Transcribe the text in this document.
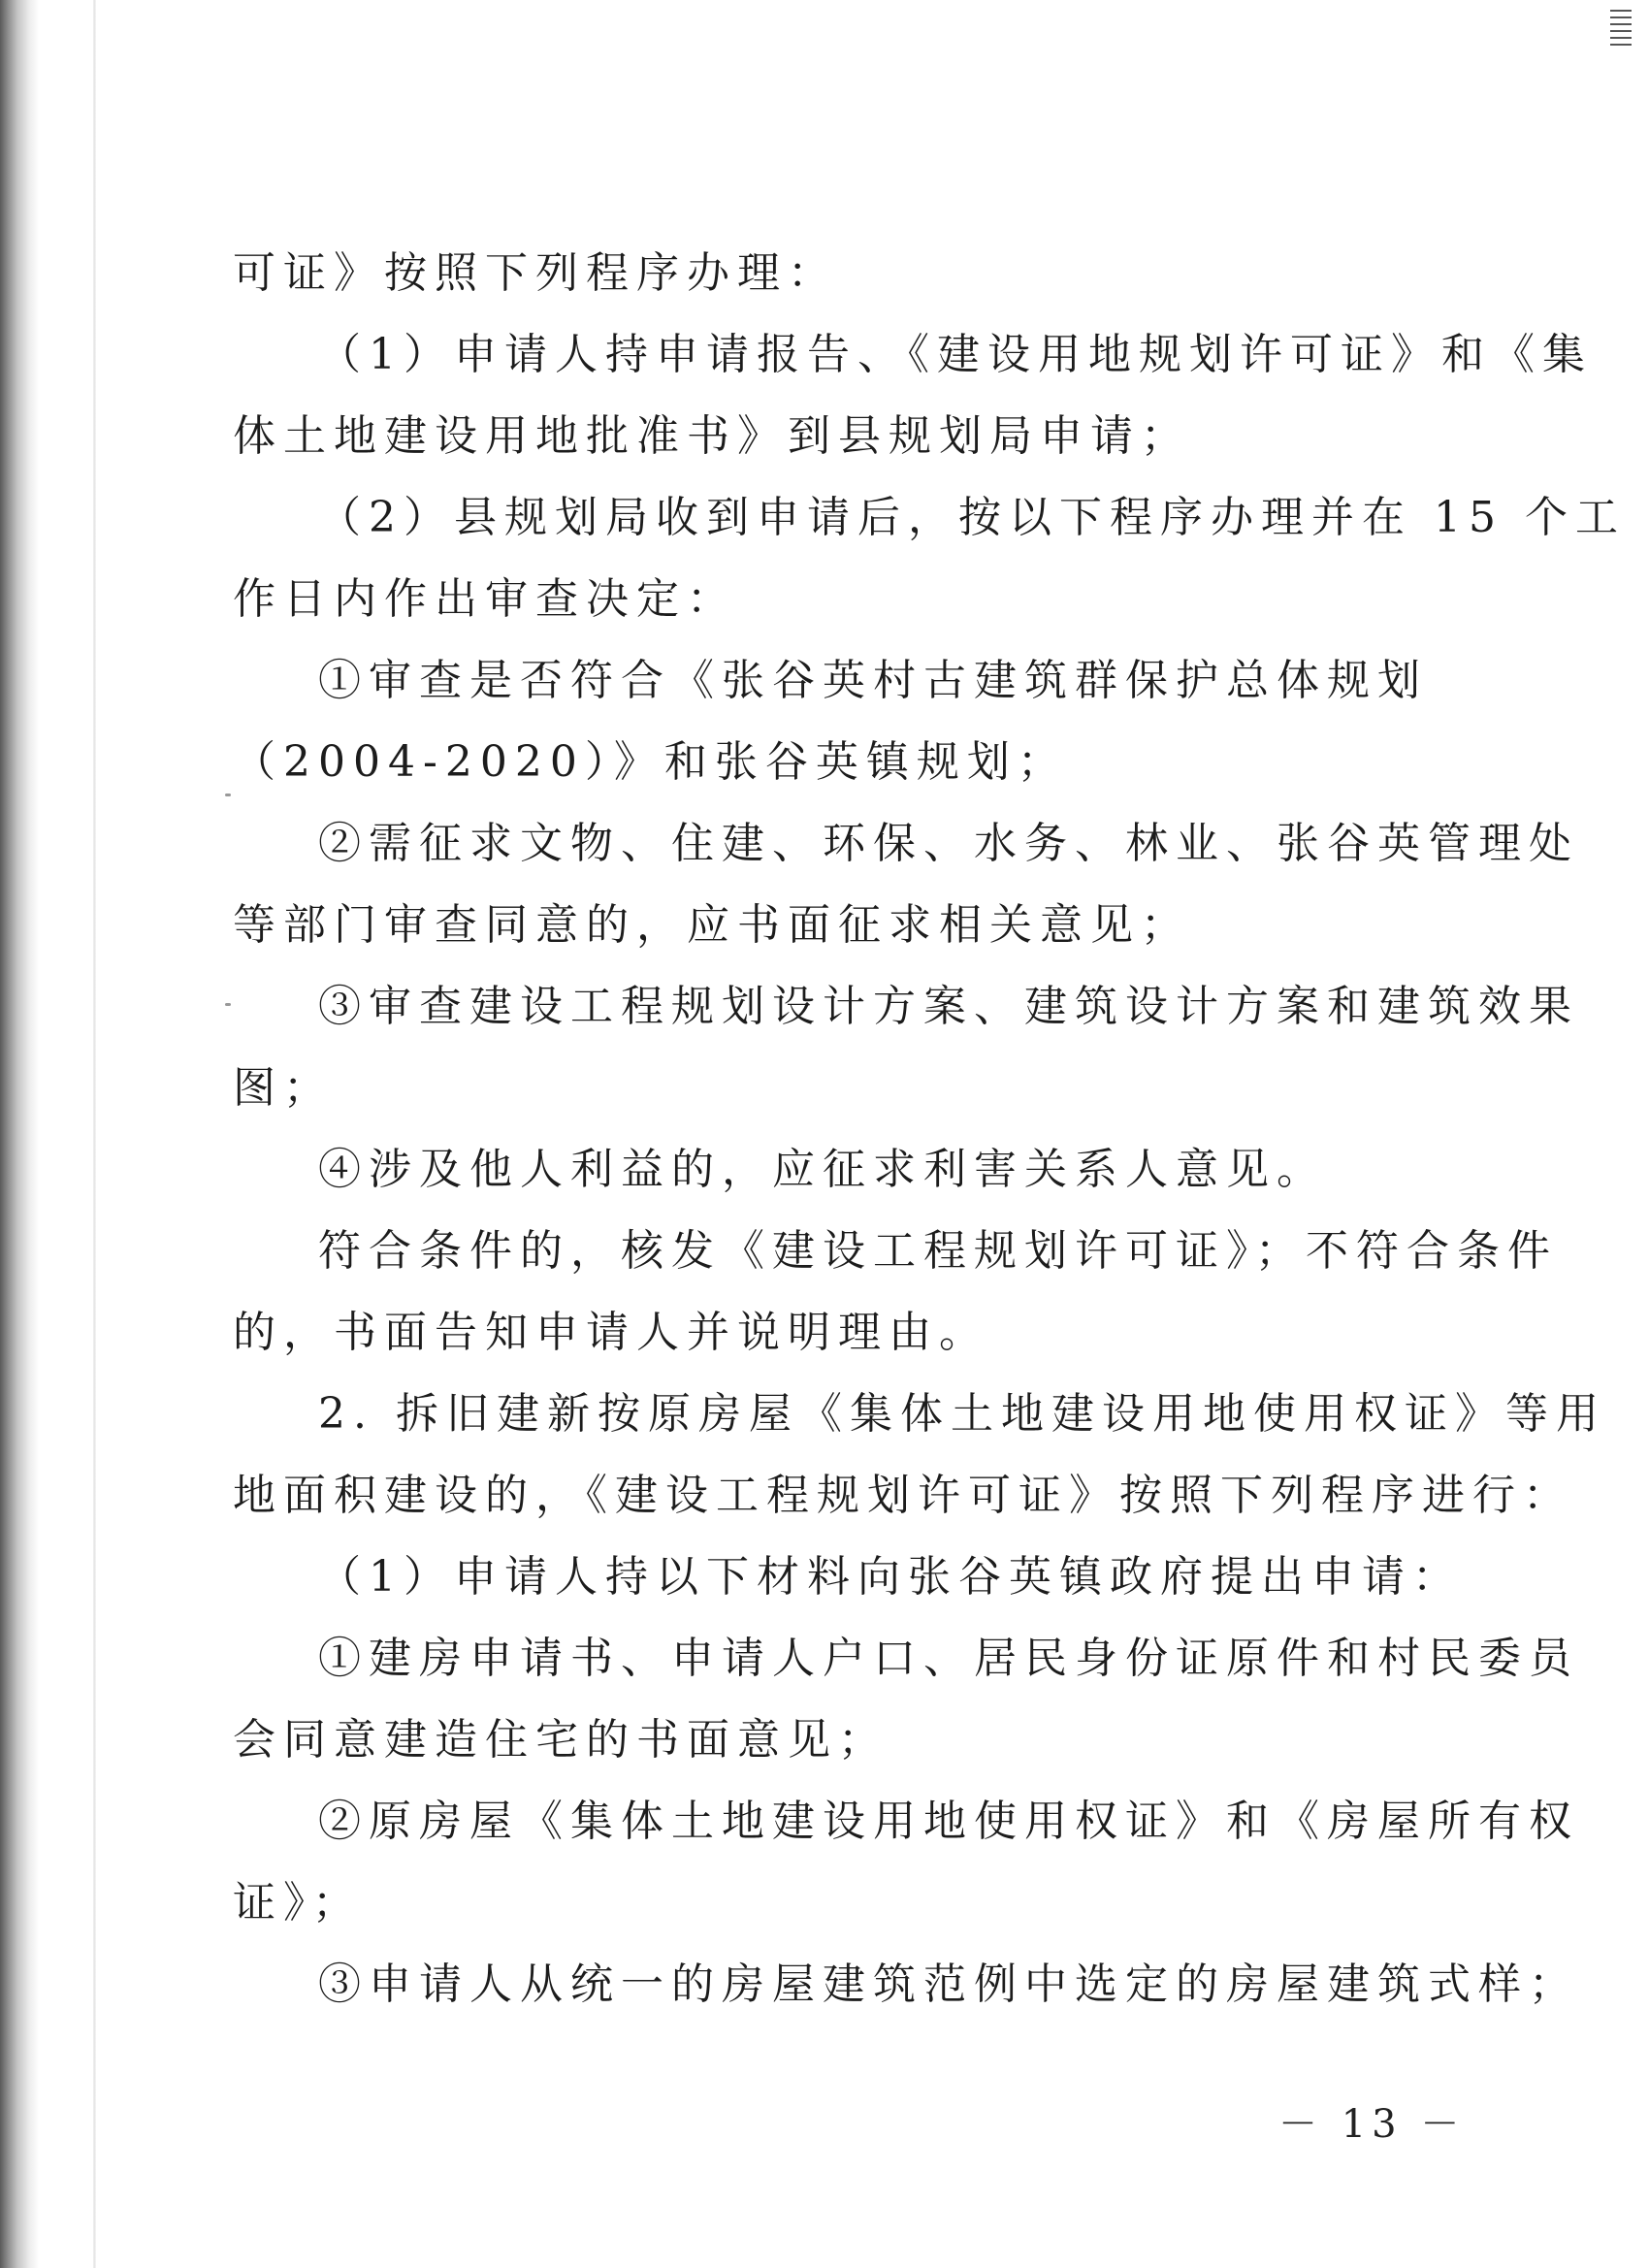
可证》按照下列程序办理：
（1）申请人持申请报告、《建设用地规划许可证》和《集
体土地建设用地批准书》到县规划局申请；
（2）县规划局收到申请后，按以下程序办理并在 15 个工
作日内作出审查决定：
①审查是否符合《张谷英村古建筑群保护总体规划
（2004-2020）》和张谷英镇规划；
②需征求文物、住建、环保、水务、林业、张谷英管理处
等部门审查同意的，应书面征求相关意见；
③审查建设工程规划设计方案、建筑设计方案和建筑效果
图；
④涉及他人利益的，应征求利害关系人意见。
符合条件的，核发《建设工程规划许可证》；不符合条件
的，书面告知申请人并说明理由。
2. 拆旧建新按原房屋《集体土地建设用地使用权证》等用
地面积建设的，《建设工程规划许可证》按照下列程序进行：
（1）申请人持以下材料向张谷英镇政府提出申请：
①建房申请书、申请人户口、居民身份证原件和村民委员
会同意建造住宅的书面意见；
②原房屋《集体土地建设用地使用权证》和《房屋所有权
证》；
③申请人从统一的房屋建筑范例中选定的房屋建筑式样；
－ 13 －
